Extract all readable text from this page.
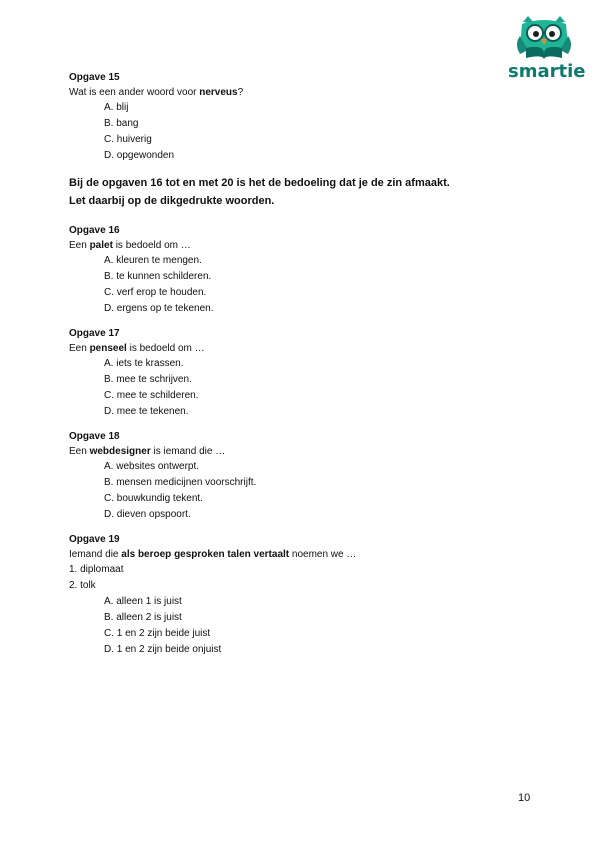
smartie
Opgave 15
Wat is een ander woord voor nerveus?
A. blij
B. bang
C. huiverig
D. opgewonden
Bij de opgaven 16 tot en met 20 is het de bedoeling dat je de zin afmaakt.
Let daarbij op de dikgedrukte woorden.
Opgave 16
Een palet is bedoeld om …
A. kleuren te mengen.
B. te kunnen schilderen.
C. verf erop te houden.
D. ergens op te tekenen.
Opgave 17
Een penseel is bedoeld om …
A. iets te krassen.
B. mee te schrijven.
C. mee te schilderen.
D. mee te tekenen.
Opgave 18
Een webdesigner is iemand die …
A. websites ontwerpt.
B. mensen medicijnen voorschrijft.
C. bouwkundig tekent.
D. dieven opspoort.
Opgave 19
Iemand die als beroep gesproken talen vertaalt noemen we …
1. diplomaat
2. tolk
A. alleen 1 is juist
B. alleen 2 is juist
C. 1 en 2 zijn beide juist
D. 1 en 2 zijn beide onjuist
10
